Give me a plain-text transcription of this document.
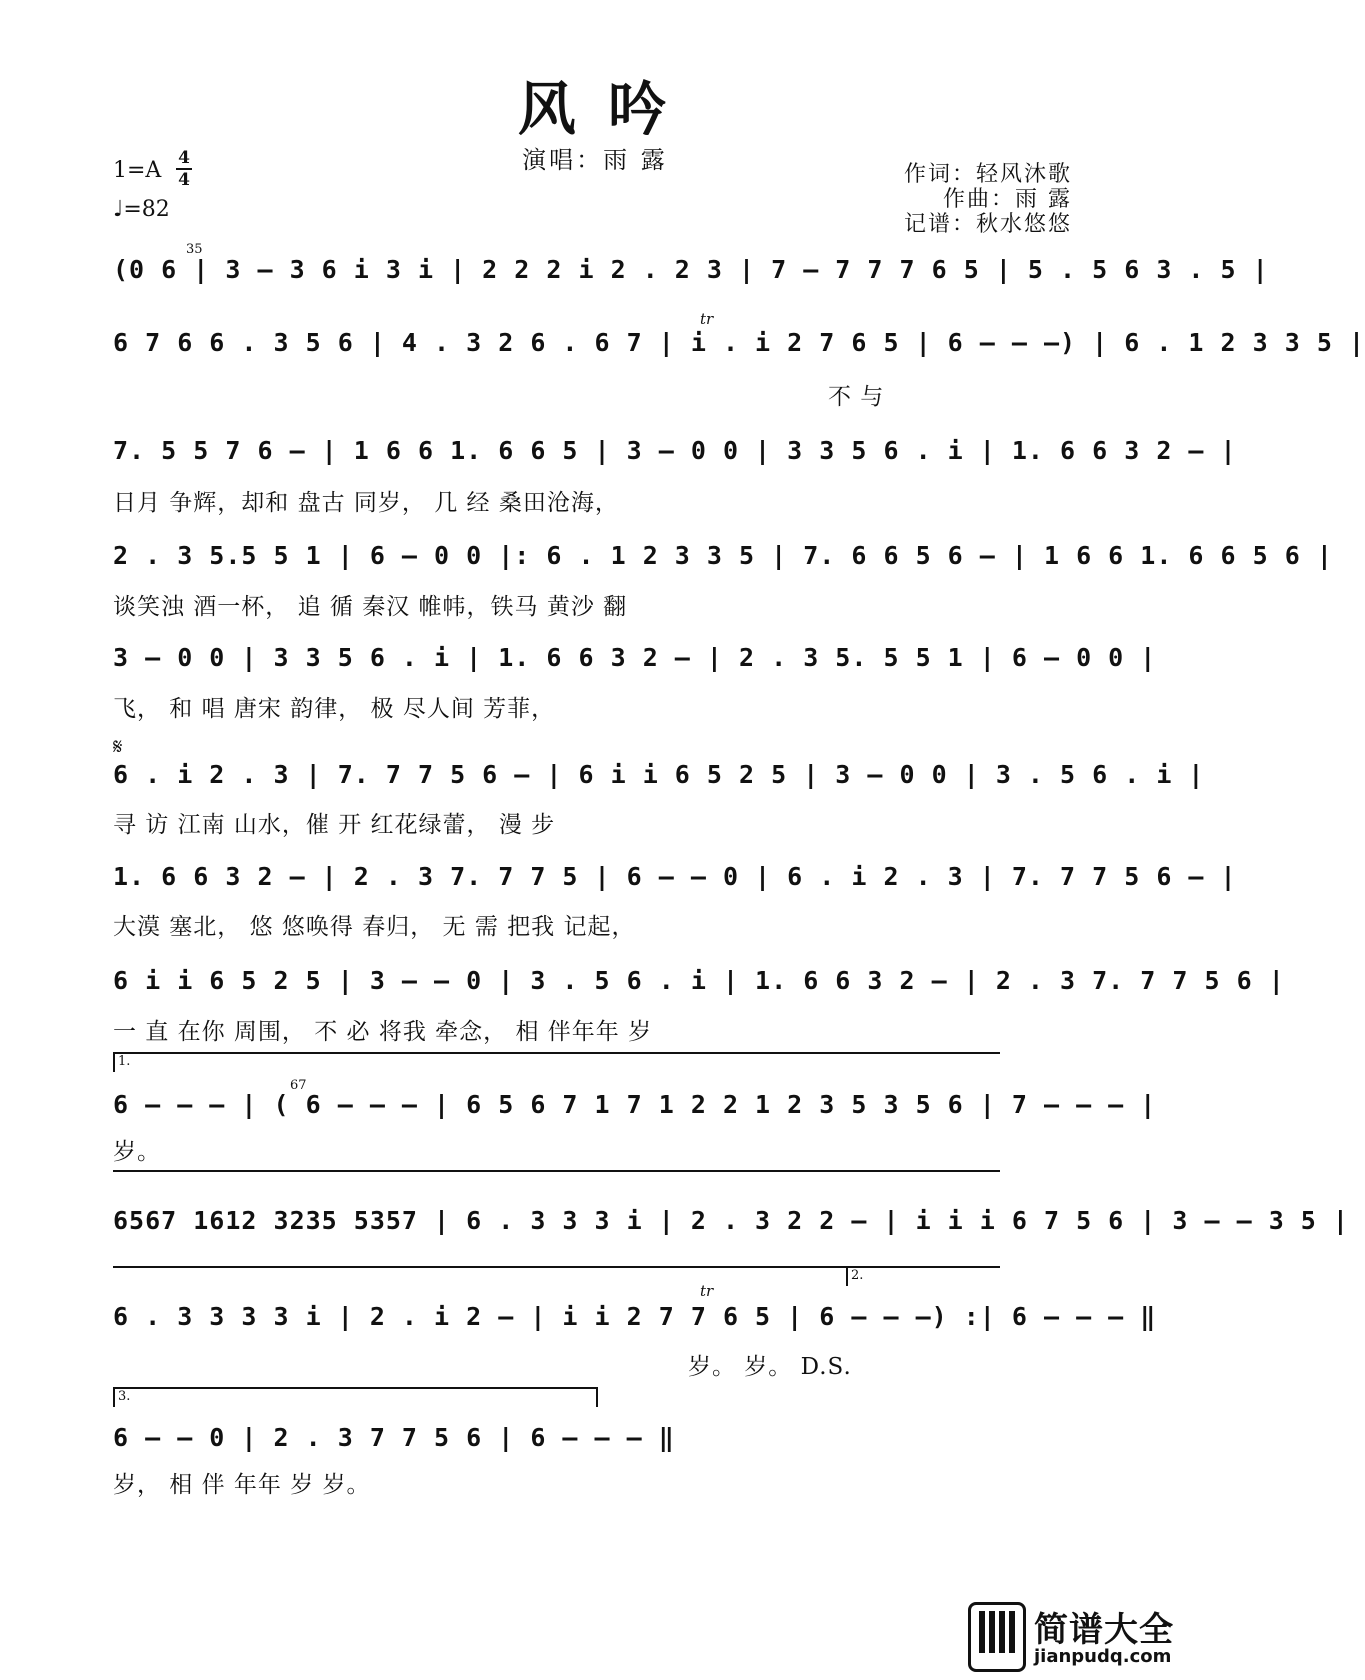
风 吟
演唱：雨 露
1=A 4
4
♩=82
作词：轻风沐歌
作曲：雨 露
记谱：秋水悠悠
35
(0 6 | 3 – 3 6 i 3 i | 2 2 2 i 2 . 2 3 | 7 – 7 7 7 6 5 | 5 . 5 6 3 . 5 |
tr
6 7 6 6 . 3 5 6 | 4 . 3 2 6 . 6 7 | i . i 2 7 6 5 | 6 – – –) | 6 . 1 2 3 3 5 |
不 与
7. 5 5 7 6 – | 1 6 6 1. 6 6 5 | 3 – 0 0 | 3 3 5 6 . i | 1. 6 6 3 2 – |
日月 争辉，却和 盘古 同岁， 几 经 桑田沧海，
2 . 3 5.5 5 1 | 6 – 0 0 |: 6 . 1 2 3 3 5 | 7. 6 6 5 6 – | 1 6 6 1. 6 6 5 6 |
谈笑浊 酒一杯， 追 循 秦汉 帷帏，铁马 黄沙 翻
3 – 0 0 | 3 3 5 6 . i | 1. 6 6 3 2 – | 2 . 3 5. 5 5 1 | 6 – 0 0 |
飞， 和 唱 唐宋 韵律， 极 尽人间 芳菲，
𝄋
6 . i 2 . 3 | 7. 7 7 5 6 – | 6 i i 6 5 2 5 | 3 – 0 0 | 3 . 5 6 . i |
寻 访 江南 山水，催 开 红花绿蕾， 漫 步
1. 6 6 3 2 – | 2 . 3 7. 7 7 5 | 6 – – 0 | 6 . i 2 . 3 | 7. 7 7 5 6 – |
大漠 塞北， 悠 悠唤得 春归， 无 需 把我 记起，
6 i i 6 5 2 5 | 3 – – 0 | 3 . 5 6 . i | 1. 6 6 3 2 – | 2 . 3 7. 7 7 5 6 |
一 直 在你 周围， 不 必 将我 牵念， 相 伴年年 岁
1.
67
6 – – – | ( 6 – – – | 6 5 6 7 1 7 1 2 2 1 2 3 5 3 5 6 | 7 – – – |
岁。
6567 1612 3235 5357 | 6 . 3 3 3 i | 2 . 3 2 2 – | i i i 6 7 5 6 | 3 – – 3 5 |
2.
tr
6 . 3 3 3 3 i | 2 . i 2 – | i i 2 7 7 6 5 | 6 – – –) :| 6 – – – ‖
岁。 岁。 D.S.
3.
6 – – 0 | 2 . 3 7 7 5 6 | 6 – – – ‖
岁， 相 伴 年年 岁 岁。
简谱大全
jianpudq.com
